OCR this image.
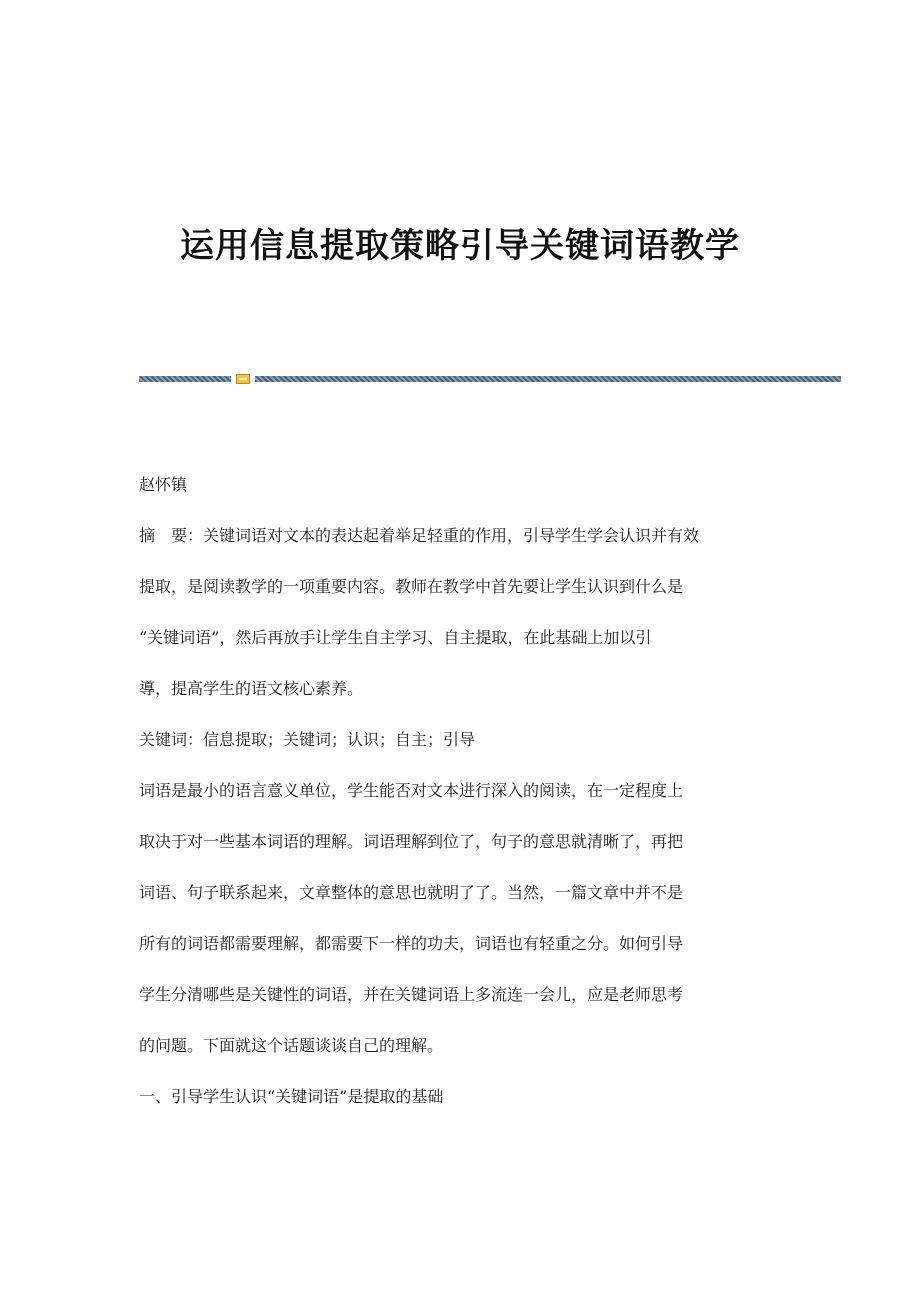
运用信息提取策略引导关键词语教学

赵怀镇

摘　要：关键词语对文本的表达起着举足轻重的作用，引导学生学会认识并有效

提取，是阅读教学的一项重要内容。教师在教学中首先要让学生认识到什么是

“关键词语”，然后再放手让学生自主学习、自主提取，在此基础上加以引

導，提高学生的语文核心素养。

关键词：信息提取；关键词；认识；自主；引导

词语是最小的语言意义单位，学生能否对文本进行深入的阅读，在一定程度上

取决于对一些基本词语的理解。词语理解到位了，句子的意思就清晰了，再把

词语、句子联系起来，文章整体的意思也就明了了。当然，一篇文章中并不是

所有的词语都需要理解，都需要下一样的功夫，词语也有轻重之分。如何引导

学生分清哪些是关键性的词语，并在关键词语上多流连一会儿，应是老师思考

的问题。下面就这个话题谈谈自己的理解。

一、引导学生认识“关键词语”是提取的基础
